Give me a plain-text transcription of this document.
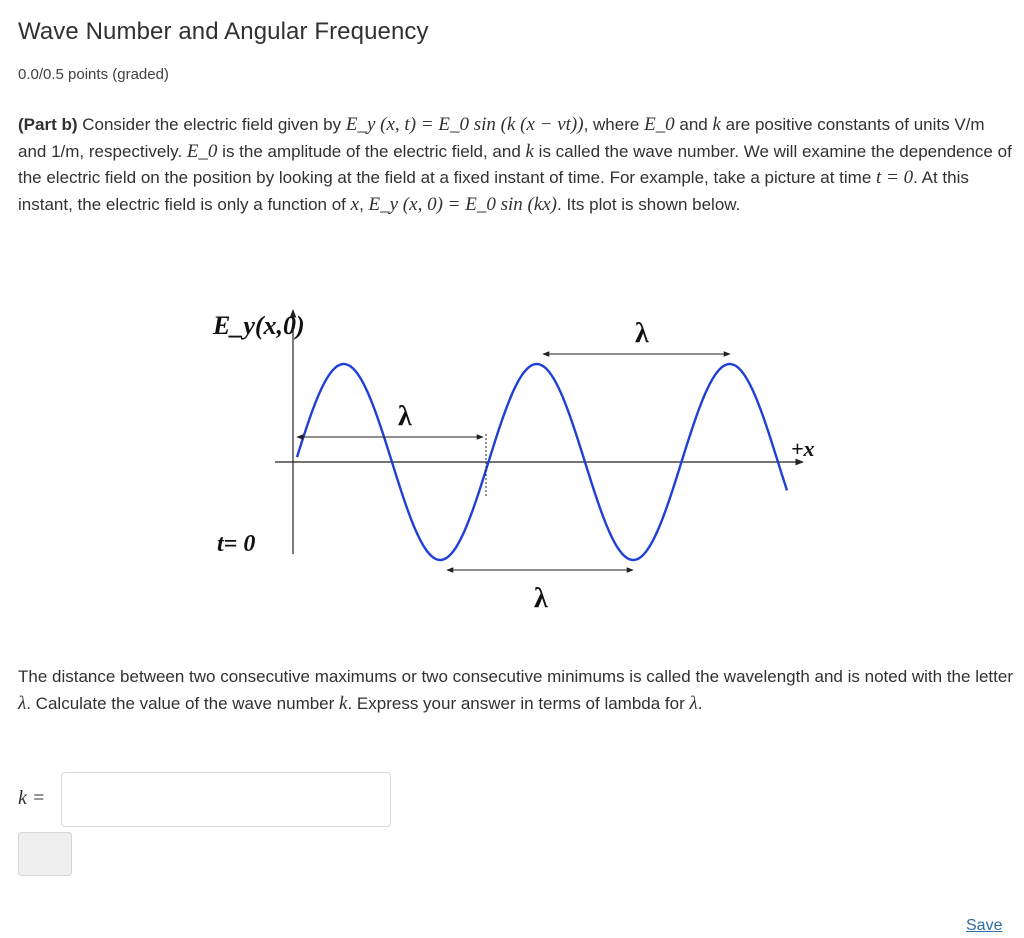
Wave Number and Angular Frequency
0.0/0.5 points (graded)

(Part b) Consider the electric field given by E_y (x, t) = E_0 sin (k (x − vt)), where E_0 and k are positive constants of units V/m and 1/m, respectively. E_0 is the amplitude of the electric field, and k is called the wave number. We will examine the dependence of the electric field on the position by looking at the field at a fixed instant of time. For example, take a picture at time t = 0. At this instant, the electric field is only a function of x, E_y (x, 0) = E_0 sin (kx). Its plot is shown below.

E_y(x,0)
+x
t= 0
λ
λ
λ

The distance between two consecutive maximums or two consecutive minimums is called the wavelength and is noted with the letter λ. Calculate the value of the wave number k. Express your answer in terms of lambda for λ.

k =
Save
